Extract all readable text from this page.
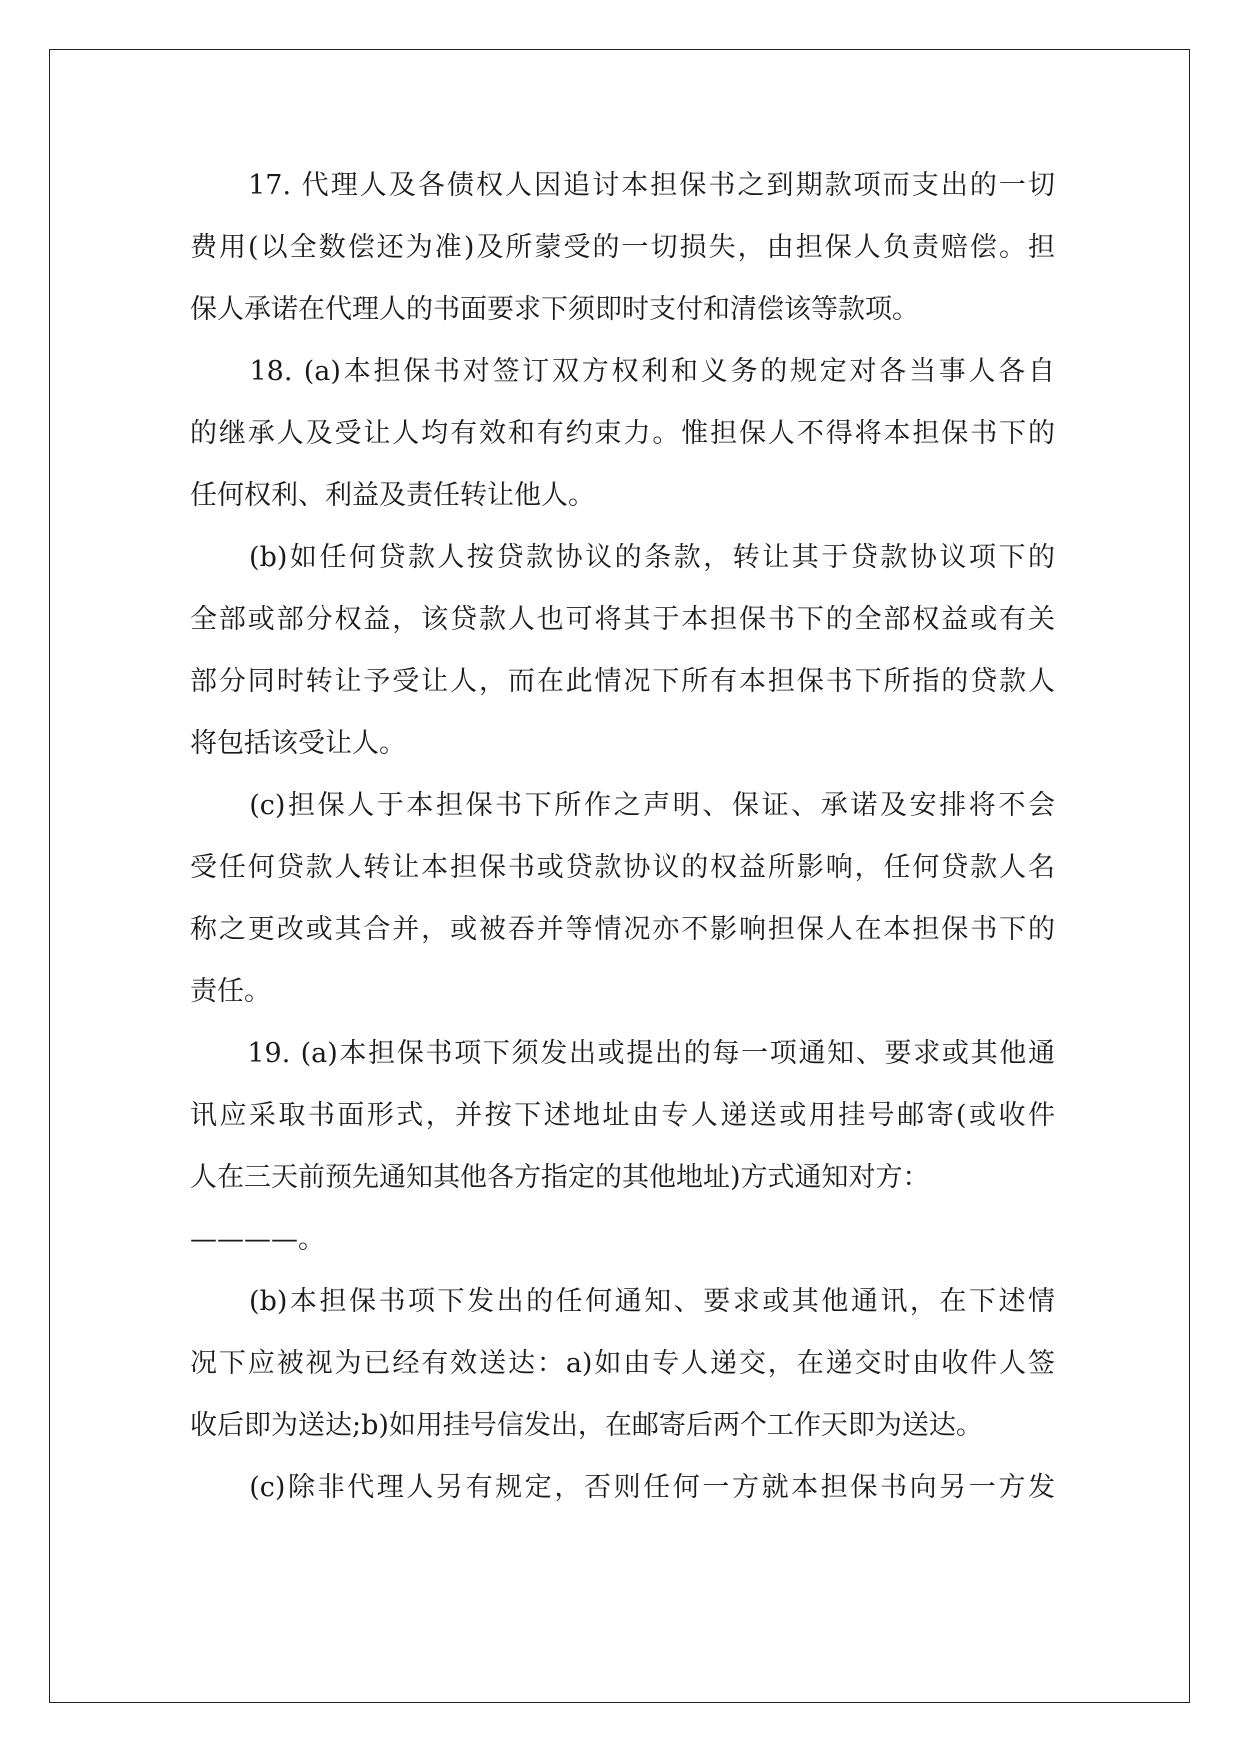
　　17. 代理人及各债权人因追讨本担保书之到期款项而支出的一切
费用(以全数偿还为准)及所蒙受的一切损失，由担保人负责赔偿。担
保人承诺在代理人的书面要求下须即时支付和清偿该等款项。
　　18. (a)本担保书对签订双方权利和义务的规定对各当事人各自
的继承人及受让人均有效和有约束力。惟担保人不得将本担保书下的
任何权利、利益及责任转让他人。
　　(b)如任何贷款人按贷款协议的条款，转让其于贷款协议项下的
全部或部分权益，该贷款人也可将其于本担保书下的全部权益或有关
部分同时转让予受让人，而在此情况下所有本担保书下所指的贷款人
将包括该受让人。
　　(c)担保人于本担保书下所作之声明、保证、承诺及安排将不会
受任何贷款人转让本担保书或贷款协议的权益所影响，任何贷款人名
称之更改或其合并，或被吞并等情况亦不影响担保人在本担保书下的
责任。
　　19. (a)本担保书项下须发出或提出的每一项通知、要求或其他通
讯应采取书面形式，并按下述地址由专人递送或用挂号邮寄(或收件
人在三天前预先通知其他各方指定的其他地址)方式通知对方：
————。
　　(b)本担保书项下发出的任何通知、要求或其他通讯，在下述情
况下应被视为已经有效送达：a)如由专人递交，在递交时由收件人签
收后即为送达;b)如用挂号信发出，在邮寄后两个工作天即为送达。
　　(c)除非代理人另有规定，否则任何一方就本担保书向另一方发
